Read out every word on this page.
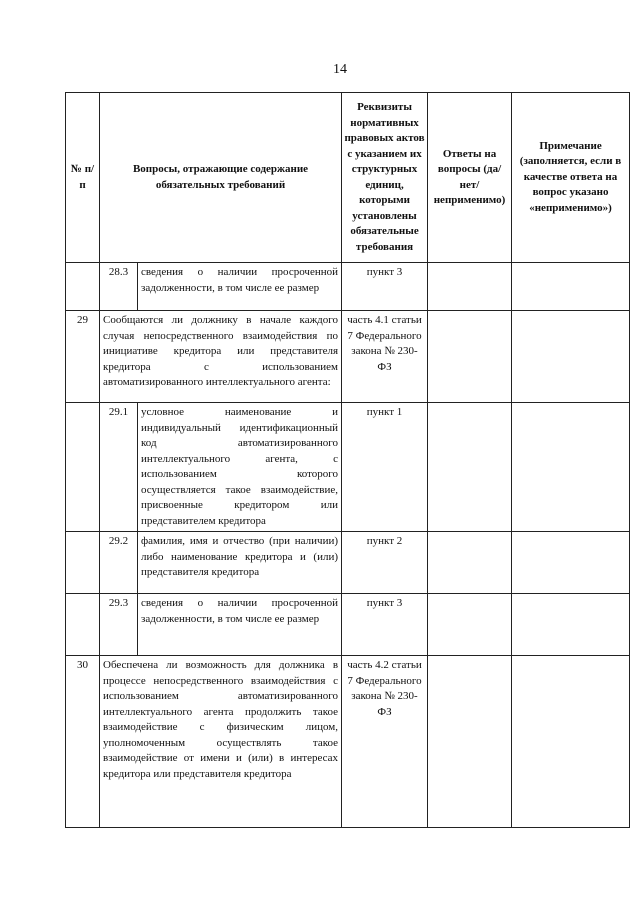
14
№ п/п	Вопросы, отражающие содержание обязательных требований		Реквизиты нормативных правовых актов с указанием их структурных единиц, которыми установлены обязательные требования	Ответы на вопросы (да/нет/ неприменимо)	Примечание (заполняется, если в качестве ответа на вопрос указано «неприменимо»)
	28.3	сведения о наличии просроченной задолженности, в том числе ее размер	пункт 3		
29	Сообщаются ли должнику в начале каждого случая непосредственного взаимодействия по инициативе кредитора или представителя кредитора с использованием автоматизированного интеллектуального агента:		часть 4.1 статьи 7 Федерального закона № 230-ФЗ		
	29.1	условное наименование и индивидуальный идентификационный код автоматизированного интеллектуального агента, с использованием которого осуществляется такое взаимодействие, присвоенные кредитором или представителем кредитора	пункт 1		
	29.2	фамилия, имя и отчество (при наличии) либо наименование кредитора и (или) представителя кредитора	пункт 2		
	29.3	сведения о наличии просроченной задолженности, в том числе ее размер	пункт 3		
30	Обеспечена ли возможность для должника в процессе непосредственного взаимодействия с использованием автоматизированного интеллектуального агента продолжить такое взаимодействие с физическим лицом, уполномоченным осуществлять такое взаимодействие от имени и (или) в интересах кредитора или представителя кредитора		часть 4.2 статьи 7 Федерального закона № 230-ФЗ		
